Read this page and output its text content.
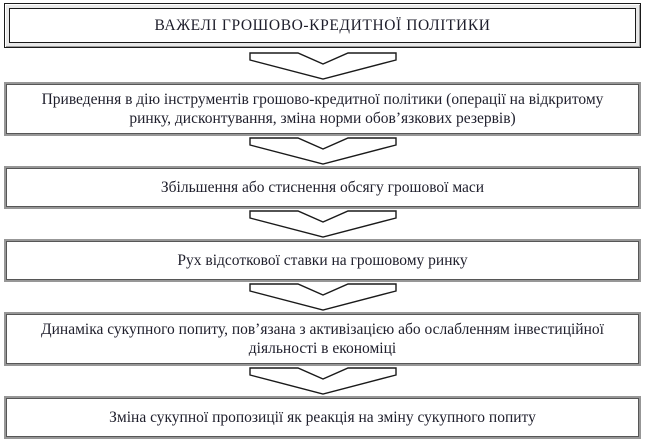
ВАЖЕЛІ ГРОШОВО-КРЕДИТНОЇ ПОЛІТИКИ
Приведення в дію інструментів грошово-кредитної політики (операції на відкритому ринку, дисконтування, зміна норми обов’язкових резервів)
Збільшення або стиснення обсягу грошової маси
Рух відсоткової ставки на грошовому ринку
Динаміка сукупного попиту, пов’язана з активізацією або ослабленням інвестиційної діяльності в економіці
Зміна сукупної пропозиції як реакція на зміну сукупного попиту
